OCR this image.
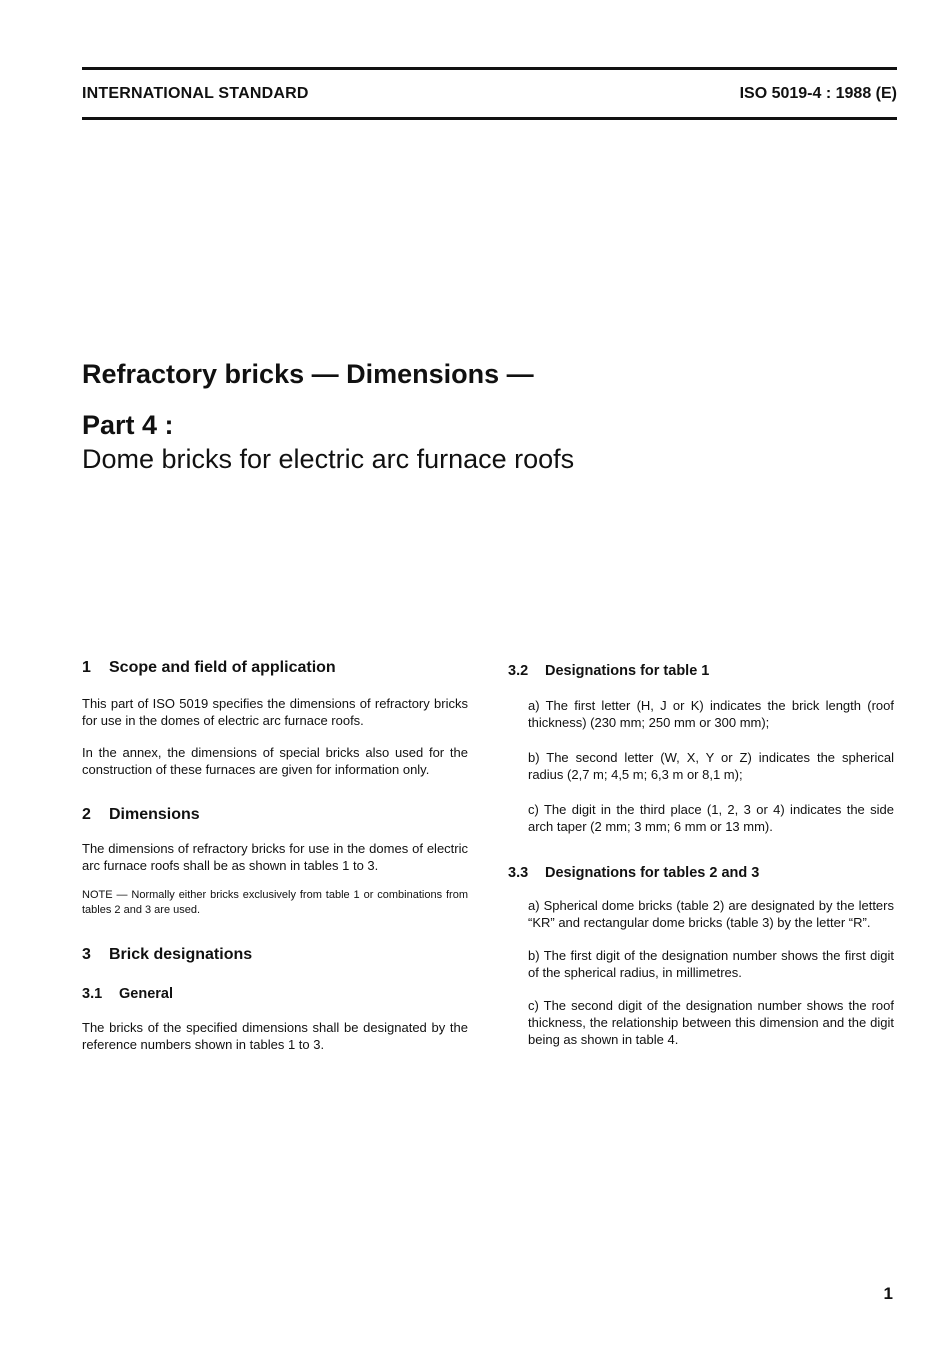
INTERNATIONAL STANDARD	ISO 5019-4 : 1988 (E)
Refractory bricks — Dimensions —
Part 4 :
Dome bricks for electric arc furnace roofs
1 Scope and field of application

This part of ISO 5019 specifies the dimensions of refractory bricks for use in the domes of electric arc furnace roofs.

In the annex, the dimensions of special bricks also used for the construction of these furnaces are given for information only.

2 Dimensions

The dimensions of refractory bricks for use in the domes of electric arc furnace roofs shall be as shown in tables 1 to 3.

NOTE — Normally either bricks exclusively from table 1 or combinations from tables 2 and 3 are used.

3 Brick designations
3.1 General

The bricks of the specified dimensions shall be designated by the reference numbers shown in tables 1 to 3.

3.2 Designations for table 1

a) The first letter (H, J or K) indicates the brick length (roof thickness) (230 mm; 250 mm or 300 mm);

b) The second letter (W, X, Y or Z) indicates the spherical radius (2,7 m; 4,5 m; 6,3 m or 8,1 m);

c) The digit in the third place (1, 2, 3 or 4) indicates the side arch taper (2 mm; 3 mm; 6 mm or 13 mm).

3.3 Designations for tables 2 and 3

a) Spherical dome bricks (table 2) are designated by the letters “KR” and rectangular dome bricks (table 3) by the letter “R”.

b) The first digit of the designation number shows the first digit of the spherical radius, in millimetres.

c) The second digit of the designation number shows the roof thickness, the relationship between this dimension and the digit being as shown in table 4.

1
